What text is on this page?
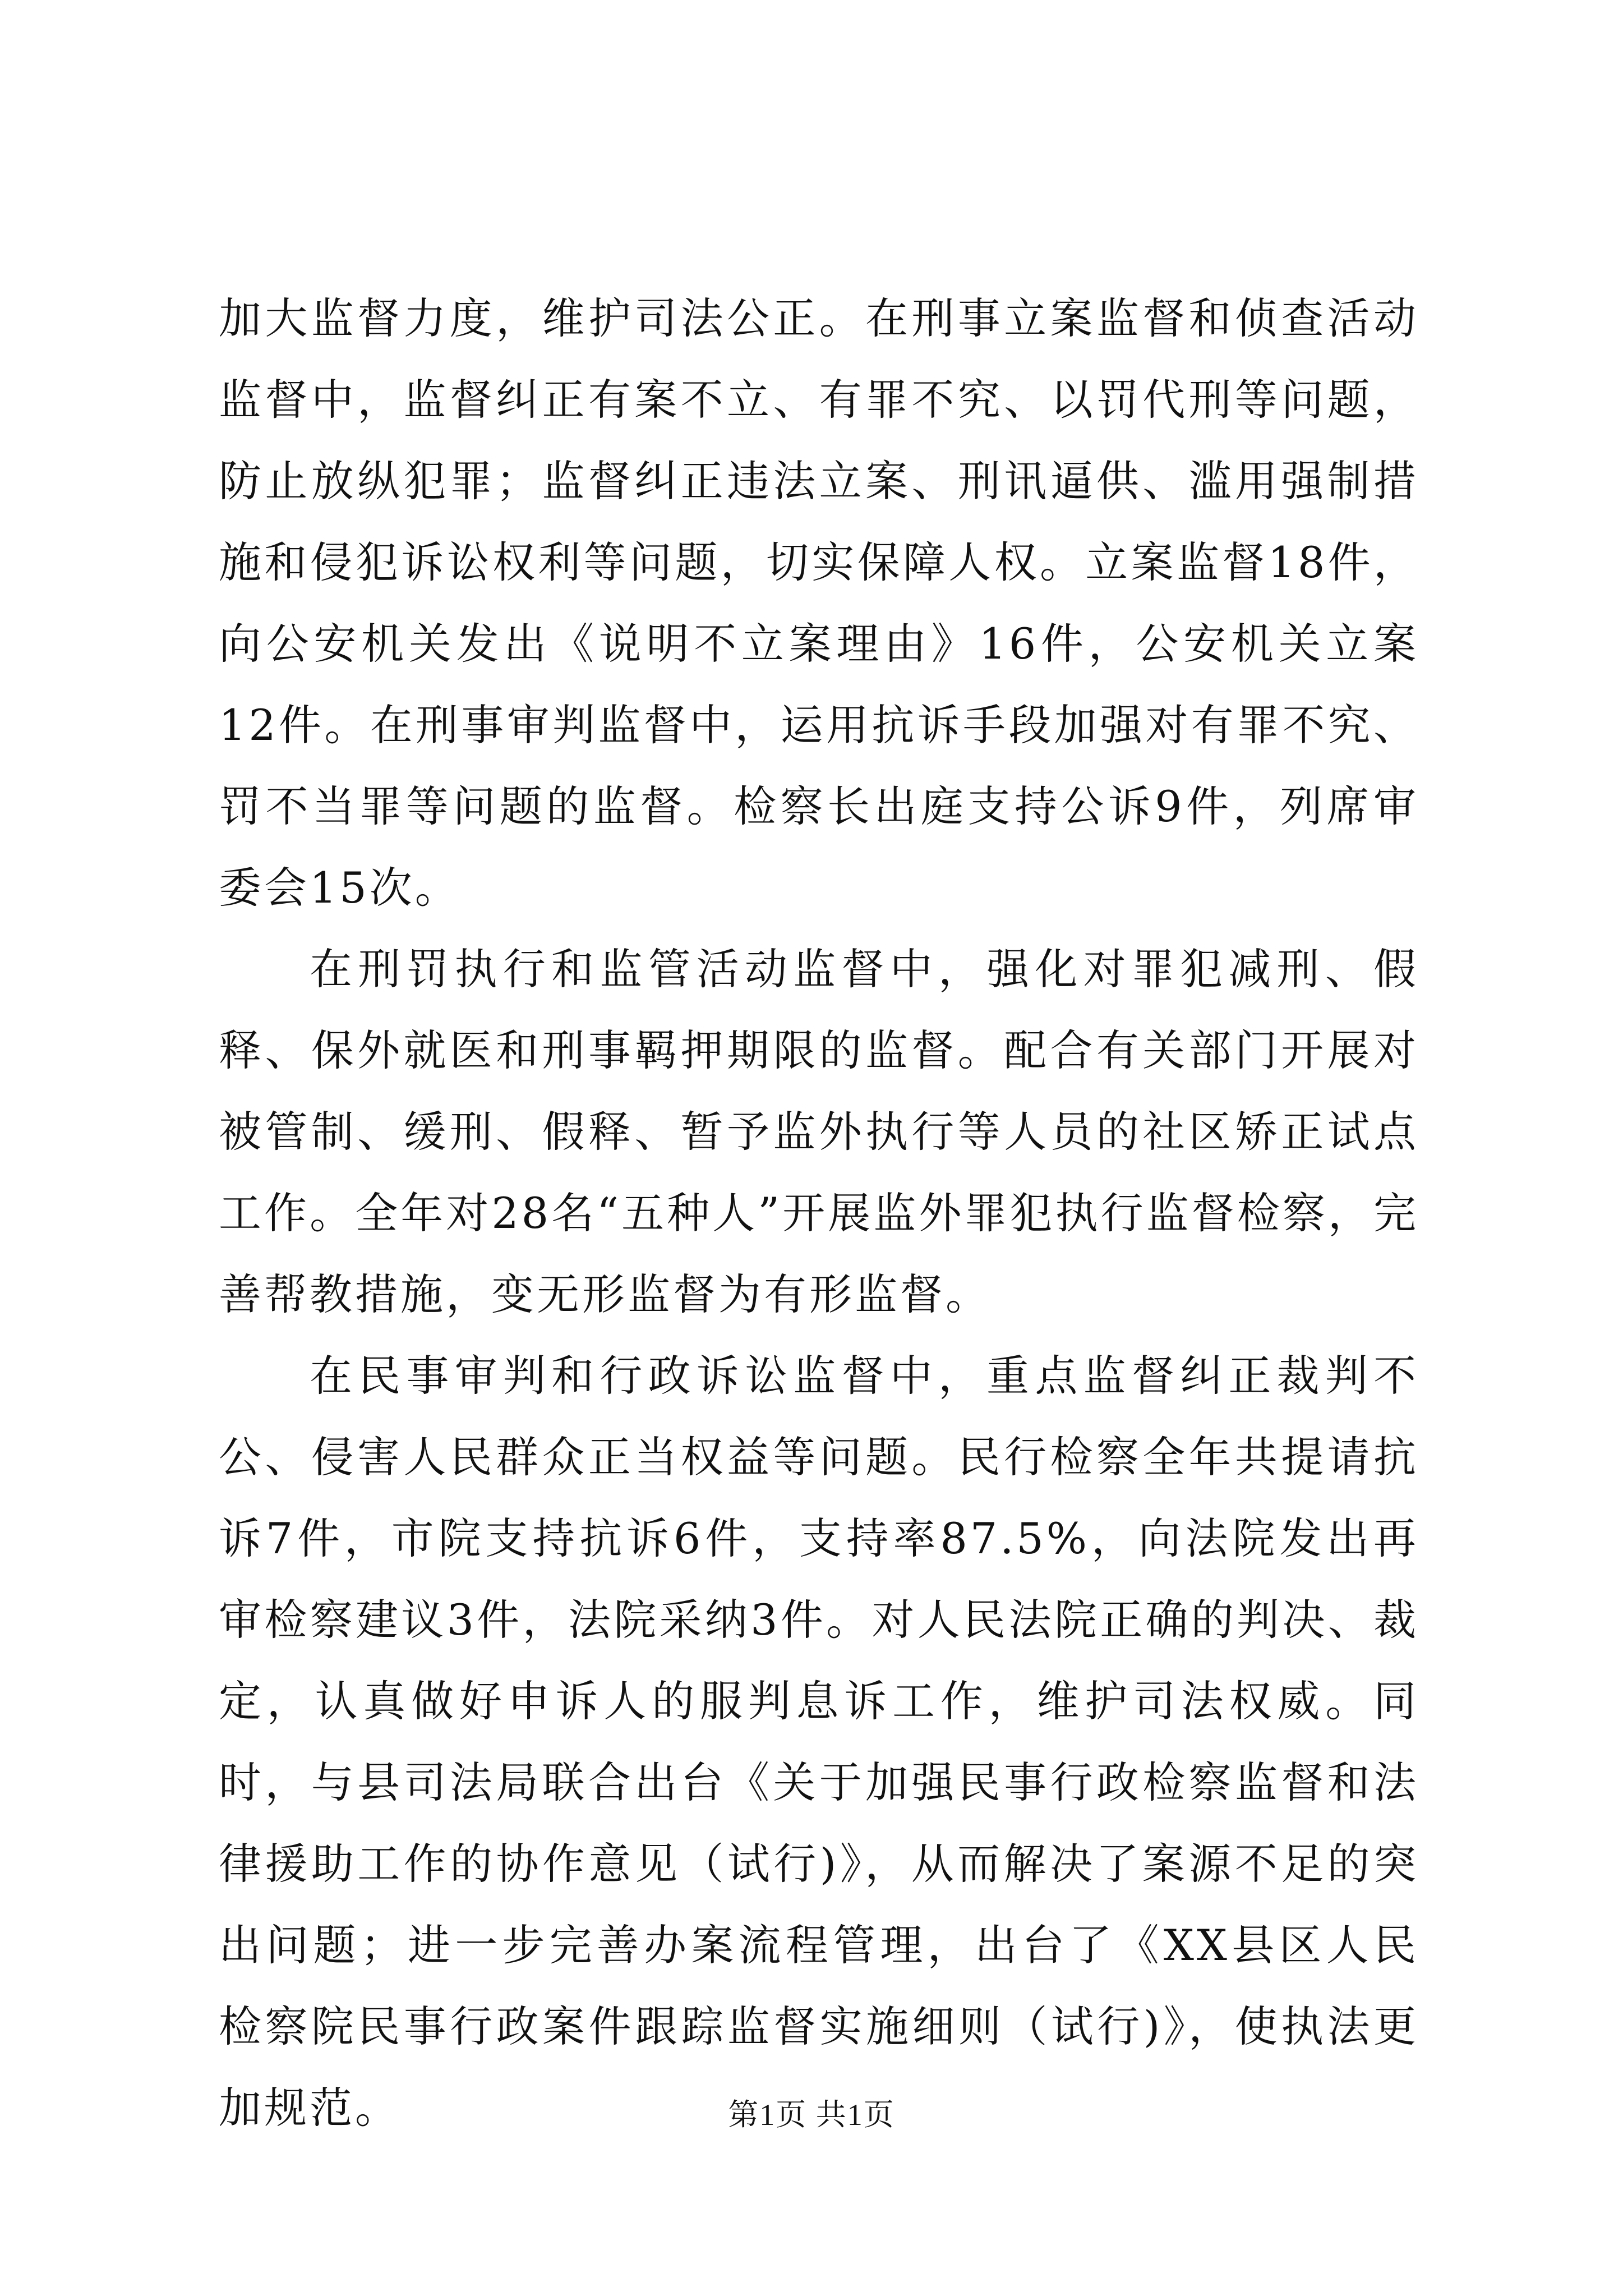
加大监督力度，维护司法公正。在刑事立案监督和侦查活动监督中，监督纠正有案不立、有罪不究、以罚代刑等问题，防止放纵犯罪；监督纠正违法立案、刑讯逼供、滥用强制措施和侵犯诉讼权利等问题，切实保障人权。立案监督18件，向公安机关发出《说明不立案理由》16件，公安机关立案12件。在刑事审判监督中，运用抗诉手段加强对有罪不究、罚不当罪等问题的监督。检察长出庭支持公诉9件，列席审委会15次。

在刑罚执行和监管活动监督中，强化对罪犯减刑、假释、保外就医和刑事羁押期限的监督。配合有关部门开展对被管制、缓刑、假释、暂予监外执行等人员的社区矫正试点工作。全年对28名“五种人”开展监外罪犯执行监督检察，完善帮教措施，变无形监督为有形监督。

在民事审判和行政诉讼监督中，重点监督纠正裁判不公、侵害人民群众正当权益等问题。民行检察全年共提请抗诉7件，市院支持抗诉6件，支持率87.5%，向法院发出再审检察建议3件，法院采纳3件。对人民法院正确的判决、裁定，认真做好申诉人的服判息诉工作，维护司法权威。同时，与县司法局联合出台《关于加强民事行政检察监督和法律援助工作的协作意见（试行)》，从而解决了案源不足的突出问题；进一步完善办案流程管理，出台了《XX县区人民检察院民事行政案件跟踪监督实施细则（试行)》，使执法更加规范。	第1页 共1页
